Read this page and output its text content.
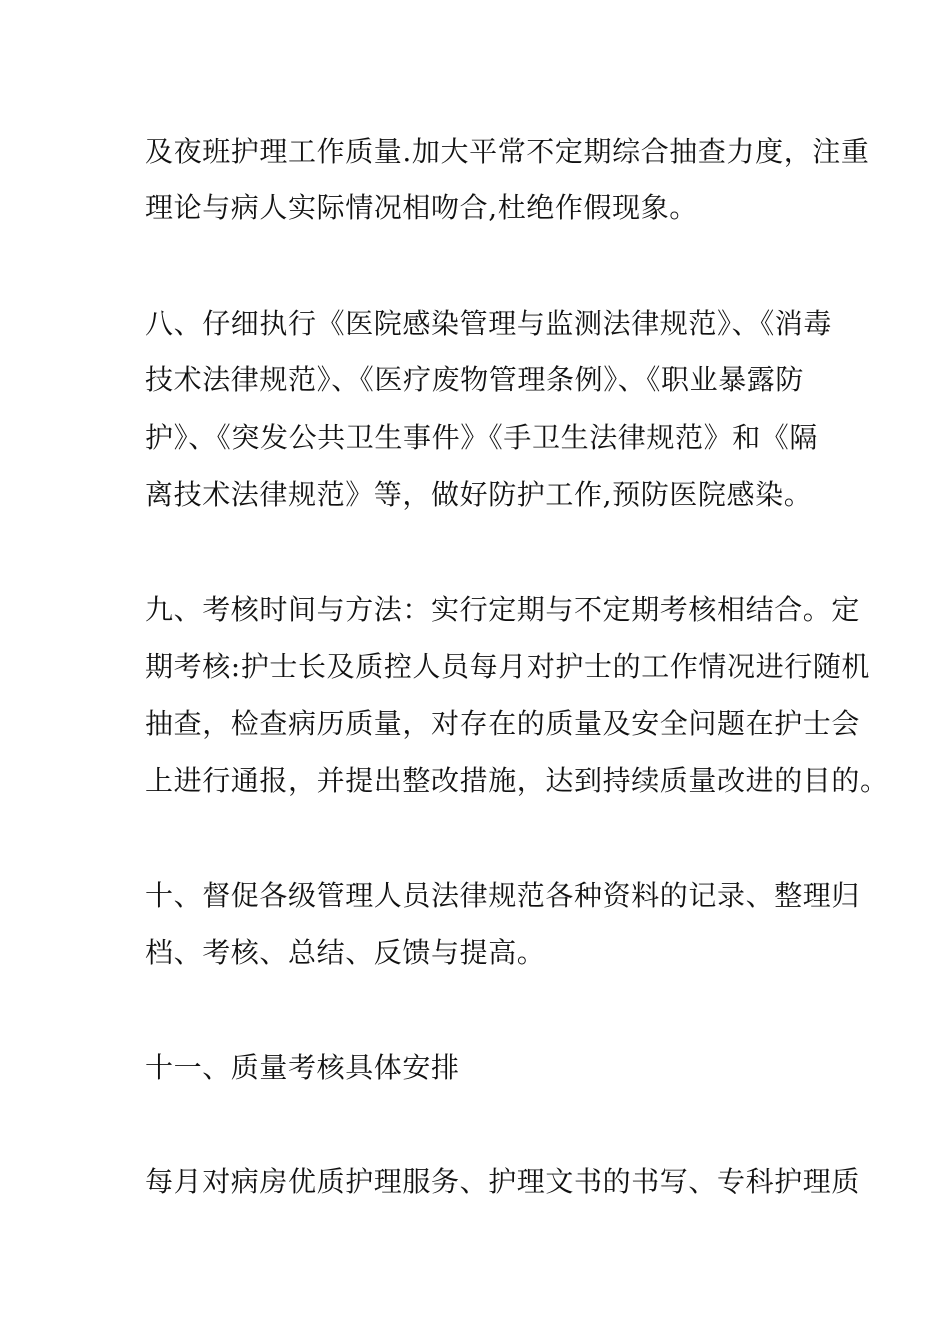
及夜班护理工作质量.加大平常不定期综合抽查力度，注重
理论与病人实际情况相吻合,杜绝作假现象。
八、仔细执行《医院感染管理与监测法律规范》、《消毒
技术法律规范》、《医疗废物管理条例》、《职业暴露防
护》、《突发公共卫生事件》《手卫生法律规范》和《隔
离技术法律规范》等，做好防护工作,预防医院感染。
九、考核时间与方法：实行定期与不定期考核相结合。定
期考核:护士长及质控人员每月对护士的工作情况进行随机
抽查，检查病历质量，对存在的质量及安全问题在护士会
上进行通报，并提出整改措施，达到持续质量改进的目的。
十、督促各级管理人员法律规范各种资料的记录、整理归
档、考核、总结、反馈与提高。
十一、质量考核具体安排
每月对病房优质护理服务、护理文书的书写、专科护理质
